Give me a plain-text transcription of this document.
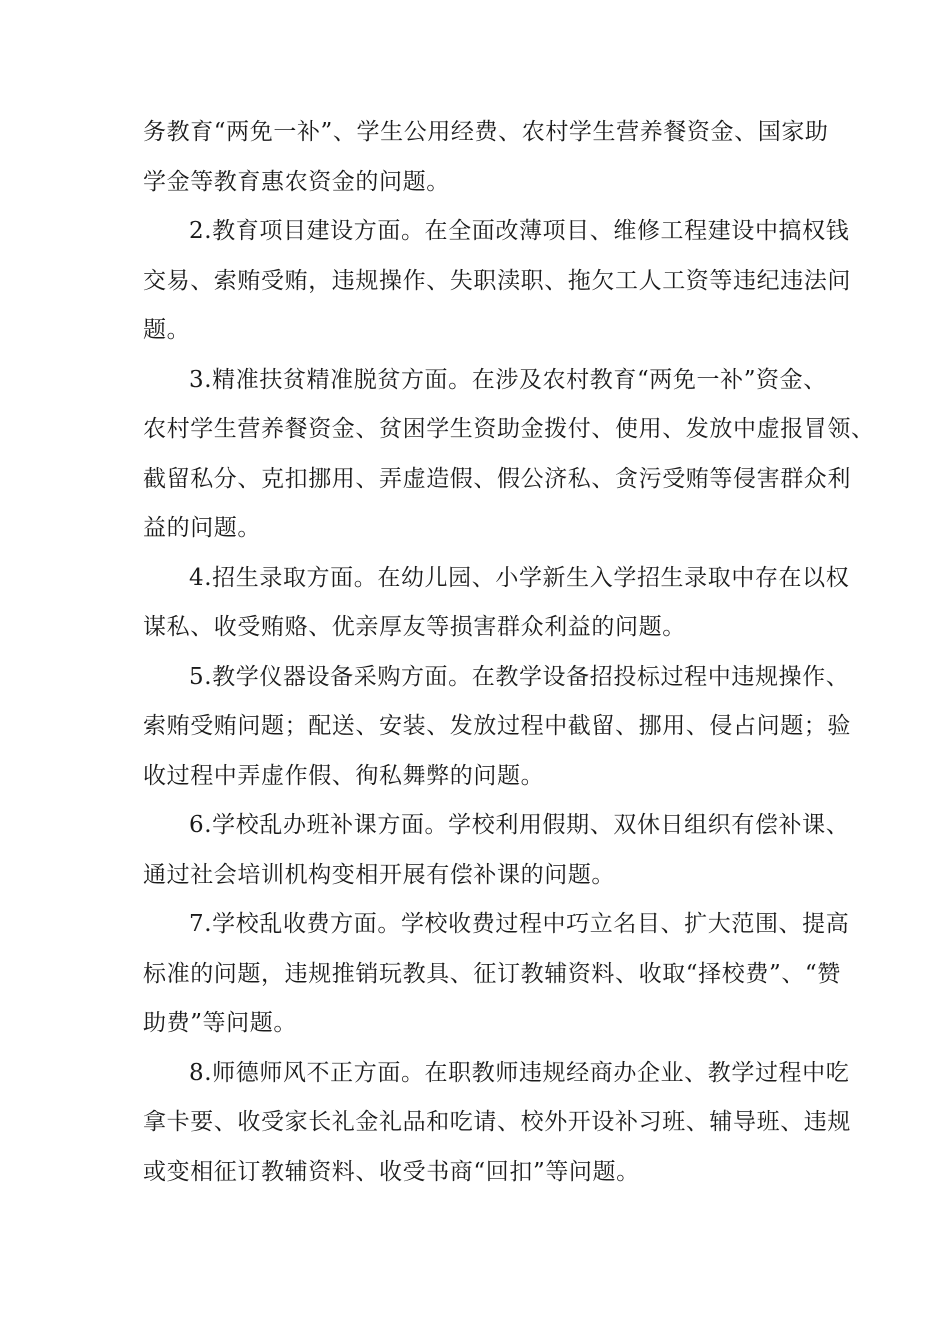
务教育“两免一补”、学生公用经费、农村学生营养餐资金、国家助
学金等教育惠农资金的问题。
2.教育项目建设方面。在全面改薄项目、维修工程建设中搞权钱
交易、索贿受贿，违规操作、失职渎职、拖欠工人工资等违纪违法问
题。
3.精准扶贫精准脱贫方面。在涉及农村教育“两免一补”资金、
农村学生营养餐资金、贫困学生资助金拨付、使用、发放中虚报冒领、
截留私分、克扣挪用、弄虚造假、假公济私、贪污受贿等侵害群众利
益的问题。
4.招生录取方面。在幼儿园、小学新生入学招生录取中存在以权
谋私、收受贿赂、优亲厚友等损害群众利益的问题。
5.教学仪器设备采购方面。在教学设备招投标过程中违规操作、
索贿受贿问题；配送、安装、发放过程中截留、挪用、侵占问题；验
收过程中弄虚作假、徇私舞弊的问题。
6.学校乱办班补课方面。学校利用假期、双休日组织有偿补课、
通过社会培训机构变相开展有偿补课的问题。
7.学校乱收费方面。学校收费过程中巧立名目、扩大范围、提高
标准的问题，违规推销玩教具、征订教辅资料、收取“择校费”、“赞
助费”等问题。
8.师德师风不正方面。在职教师违规经商办企业、教学过程中吃
拿卡要、收受家长礼金礼品和吃请、校外开设补习班、辅导班、违规
或变相征订教辅资料、收受书商“回扣”等问题。
